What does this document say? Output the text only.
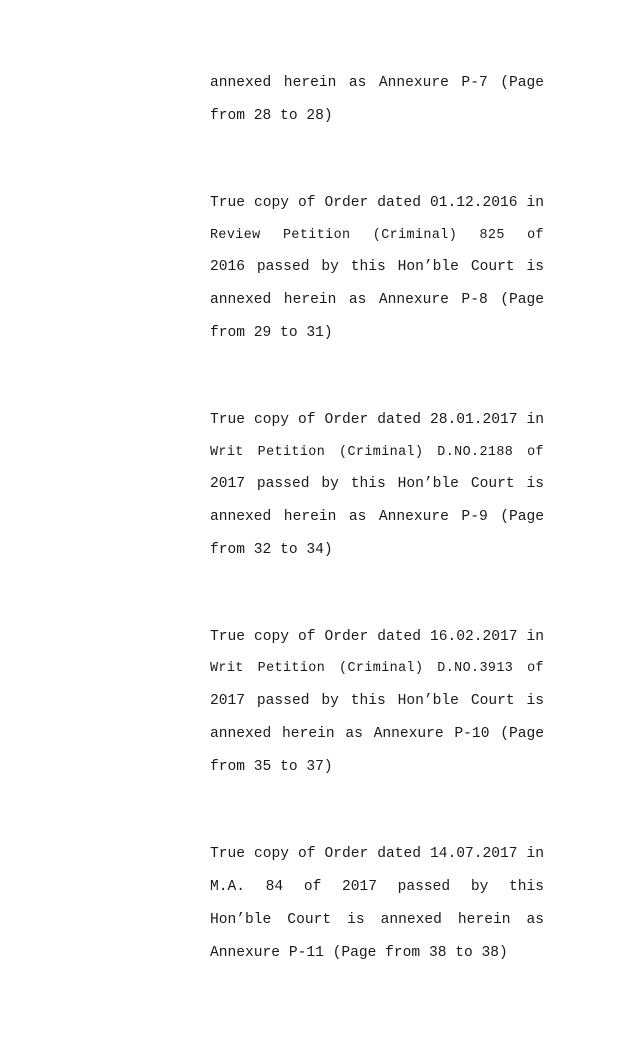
annexed herein as Annexure P-7 (Page
from 28 to 28)
True copy of Order dated 01.12.2016 in
Review Petition (Criminal) 825 of
2016 passed by this Hon’ble Court is
annexed herein as Annexure P-8 (Page
from 29 to 31)
True copy of Order dated 28.01.2017 in
Writ Petition (Criminal) D.NO.2188 of
2017 passed by this Hon’ble Court is
annexed herein as Annexure P-9 (Page
from 32 to 34)
True copy of Order dated 16.02.2017 in
Writ Petition (Criminal) D.NO.3913 of
2017 passed by this Hon’ble Court is
annexed herein as Annexure P-10 (Page
from 35 to 37)
True copy of Order dated 14.07.2017 in
M.A. 84 of 2017 passed by this
Hon’ble Court is annexed herein as
Annexure P-11 (Page from 38 to 38)
